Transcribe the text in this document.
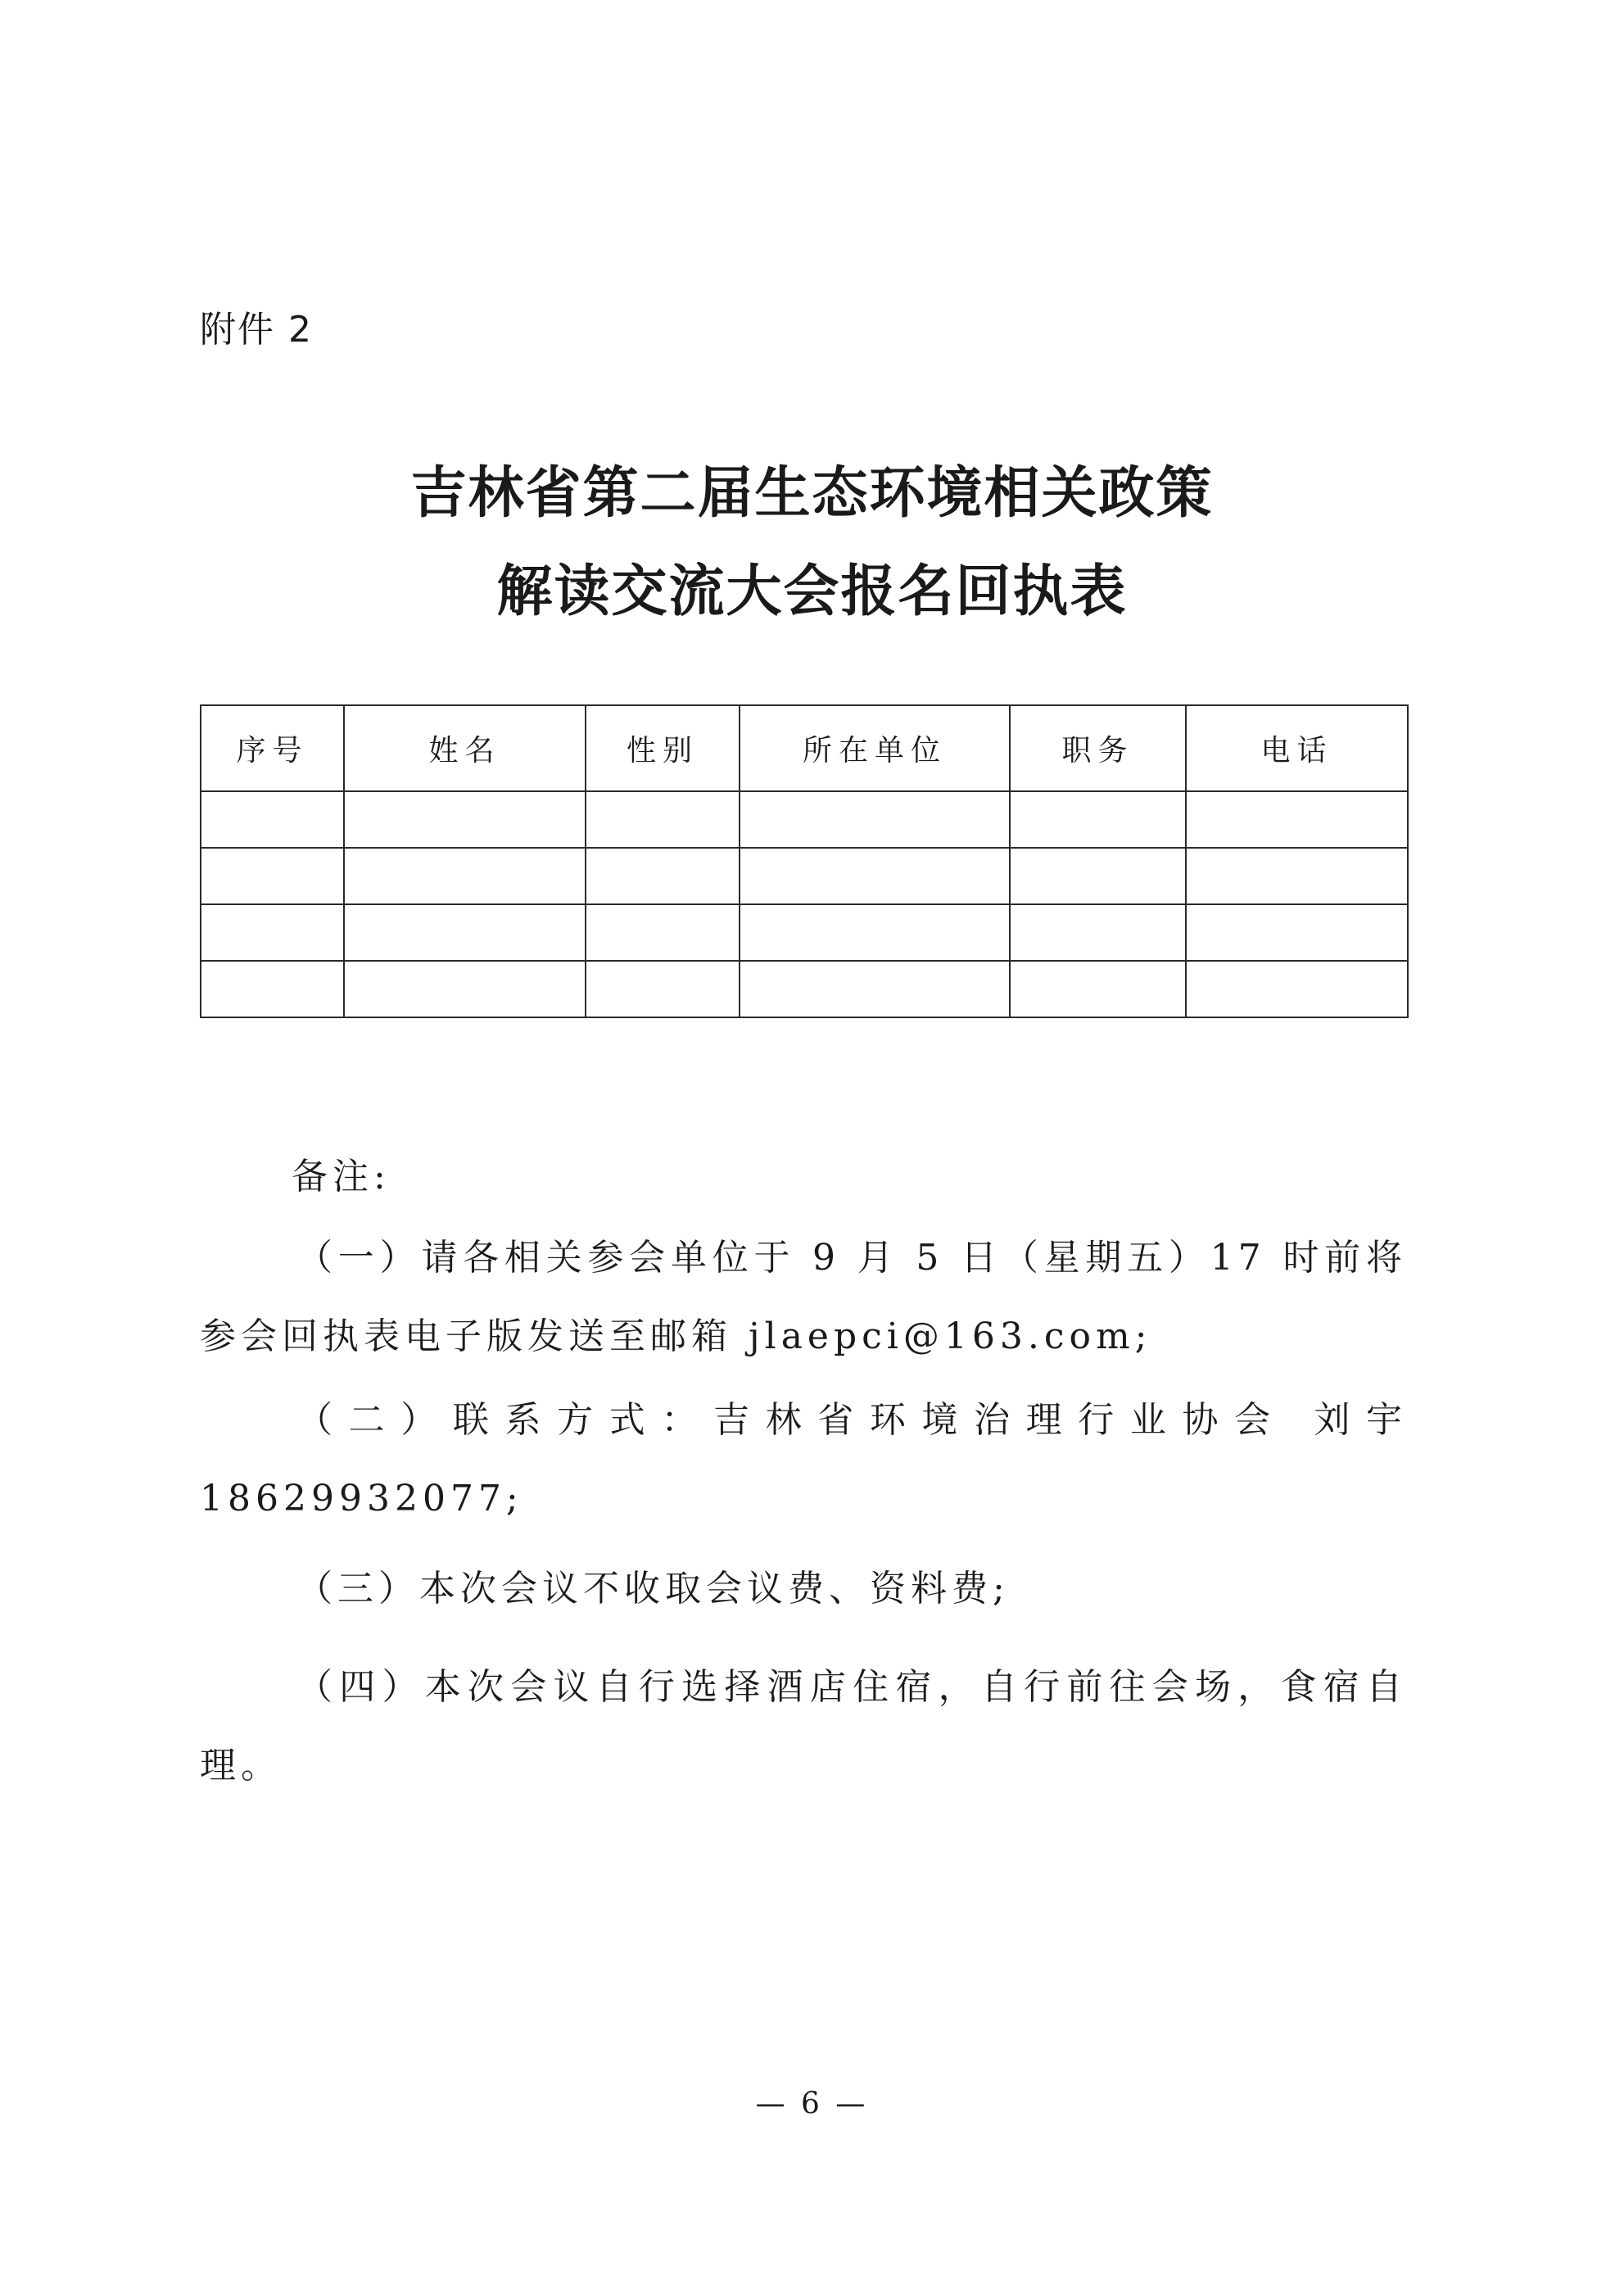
附件 2
吉林省第二届生态环境相关政策
解读交流大会报名回执表
序号	姓名	性别	所在单位	职务	电话

备注:
（一）请各相关参会单位于 9 月 5 日（星期五）17 时前将参会回执表电子版发送至邮箱 jlaepci@163.com;
（二）联系方式：吉林省环境治理行业协会 刘宇 18629932077;
（三）本次会议不收取会议费、资料费;
（四）本次会议自行选择酒店住宿，自行前往会场，食宿自理。
— 6 —
